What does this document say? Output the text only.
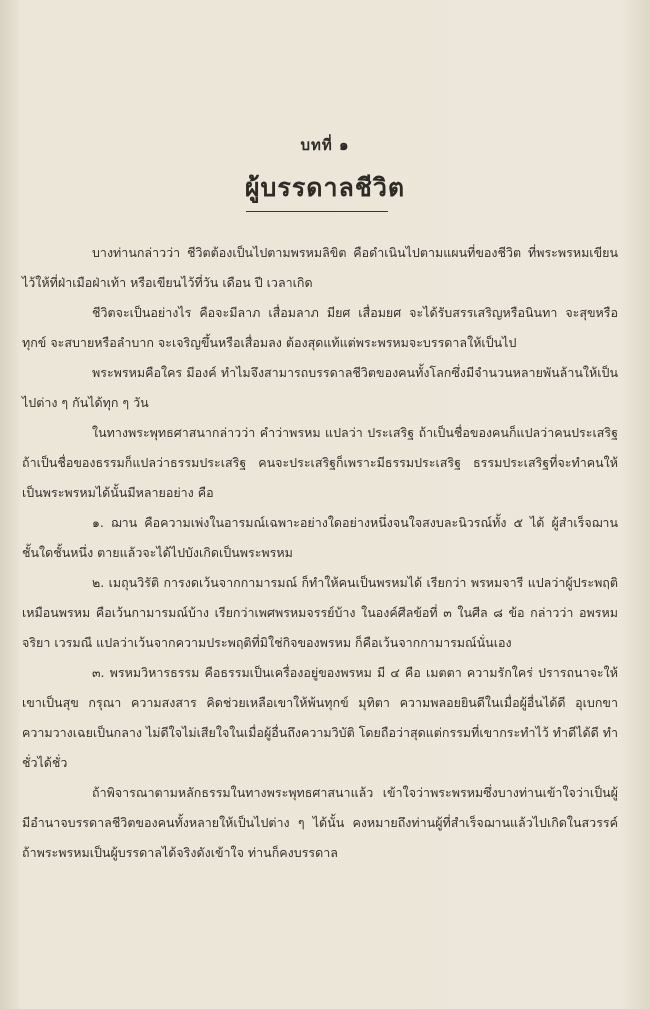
บทที่ ๑
ผู้บรรดาลชีวิต

บางท่านกล่าวว่า ชีวิตต้องเป็นไปตามพรหมลิขิต คือดำเนินไปตามแผนที่ของชีวิต ที่พระพรหมเขียนไว้ให้ที่ฝ่าเมือฝ่าเท้า หรือเขียนไว้ที่วัน เดือน ปี เวลาเกิด

ชีวิตจะเป็นอย่างไร คือจะมีลาภ เสื่อมลาภ มียศ เสื่อมยศ จะได้รับสรรเสริญหรือนินทา จะสุขหรือทุกข์ จะสบายหรือลำบาก จะเจริญขึ้นหรือเสื่อมลง ต้องสุดแท้แต่พระพรหมจะบรรดาลให้เป็นไป

พระพรหมคือใคร มีองค์ ทำไมจึงสามารถบรรดาลชีวิตของคนทั้งโลกซึ่งมีจำนวนหลายพันล้านให้เป็นไปต่าง ๆ กันได้ทุก ๆ วัน

ในทางพระพุทธศาสนากล่าวว่า คำว่าพรหม แปลว่า ประเสริฐ ถ้าเป็นชื่อของคนก็แปลว่าคนประเสริฐ ถ้าเป็นชื่อของธรรมก็แปลว่าธรรมประเสริฐ คนจะประเสริฐก็เพราะมีธรรมประเสริฐ ธรรมประเสริฐที่จะทำคนให้เป็นพระพรหมได้นั้นมีหลายอย่าง คือ

๑. ฌาน คือความเพ่งในอารมณ์เฉพาะอย่างใดอย่างหนึ่งจนใจสงบละนิวรณ์ทั้ง ๕ ได้ ผู้สำเร็จฌานชั้นใดชั้นหนึ่ง ตายแล้วจะได้ไปบังเกิดเป็นพระพรหม

๒. เมถุนวิรัติ การงดเว้นจากกามารมณ์ ก็ทำให้คนเป็นพรหมได้ เรียกว่า พรหมจารี แปลว่าผู้ประพฤติเหมือนพรหม คือเว้นกามารมณ์บ้าง เรียกว่าเพศพรหมจรรย์บ้าง ในองค์ศีลข้อที่ ๓ ในศีล ๘ ข้อ กล่าวว่า อพรหมจริยา เวรมณี แปลว่าเว้นจากความประพฤติที่มิใช่กิจของพรหม ก็คือเว้นจากกามารมณ์นั่นเอง

๓. พรหมวิหารธรรม คือธรรมเป็นเครื่องอยู่ของพรหม มี ๔ คือ เมตตา ความรักใคร่ ปรารถนาจะให้เขาเป็นสุข กรุณา ความสงสาร คิดช่วยเหลือเขาให้พ้นทุกข์ มุทิตา ความพลอยยินดีในเมื่อผู้อื่นได้ดี อุเบกขา ความวางเฉยเป็นกลาง ไม่ดีใจไม่เสียใจในเมื่อผู้อื่นถึงความวิบัติ โดยถือว่าสุดแต่กรรมที่เขากระทำไว้ ทำดีได้ดี ทำชั่วได้ชั่ว

ถ้าพิจารณาตามหลักธรรมในทางพระพุทธศาสนาแล้ว เข้าใจว่าพระพรหมซึ่งบางท่านเข้าใจว่าเป็นผู้มีอำนาจบรรดาลชีวิตของคนทั้งหลายให้เป็นไปต่าง ๆ ได้นั้น คงหมายถึงท่านผู้ที่สำเร็จฌานแล้วไปเกิดในสวรรค์ ถ้าพระพรหมเป็นผู้บรรดาลได้จริงดังเข้าใจ ท่านก็คงบรรดาล
